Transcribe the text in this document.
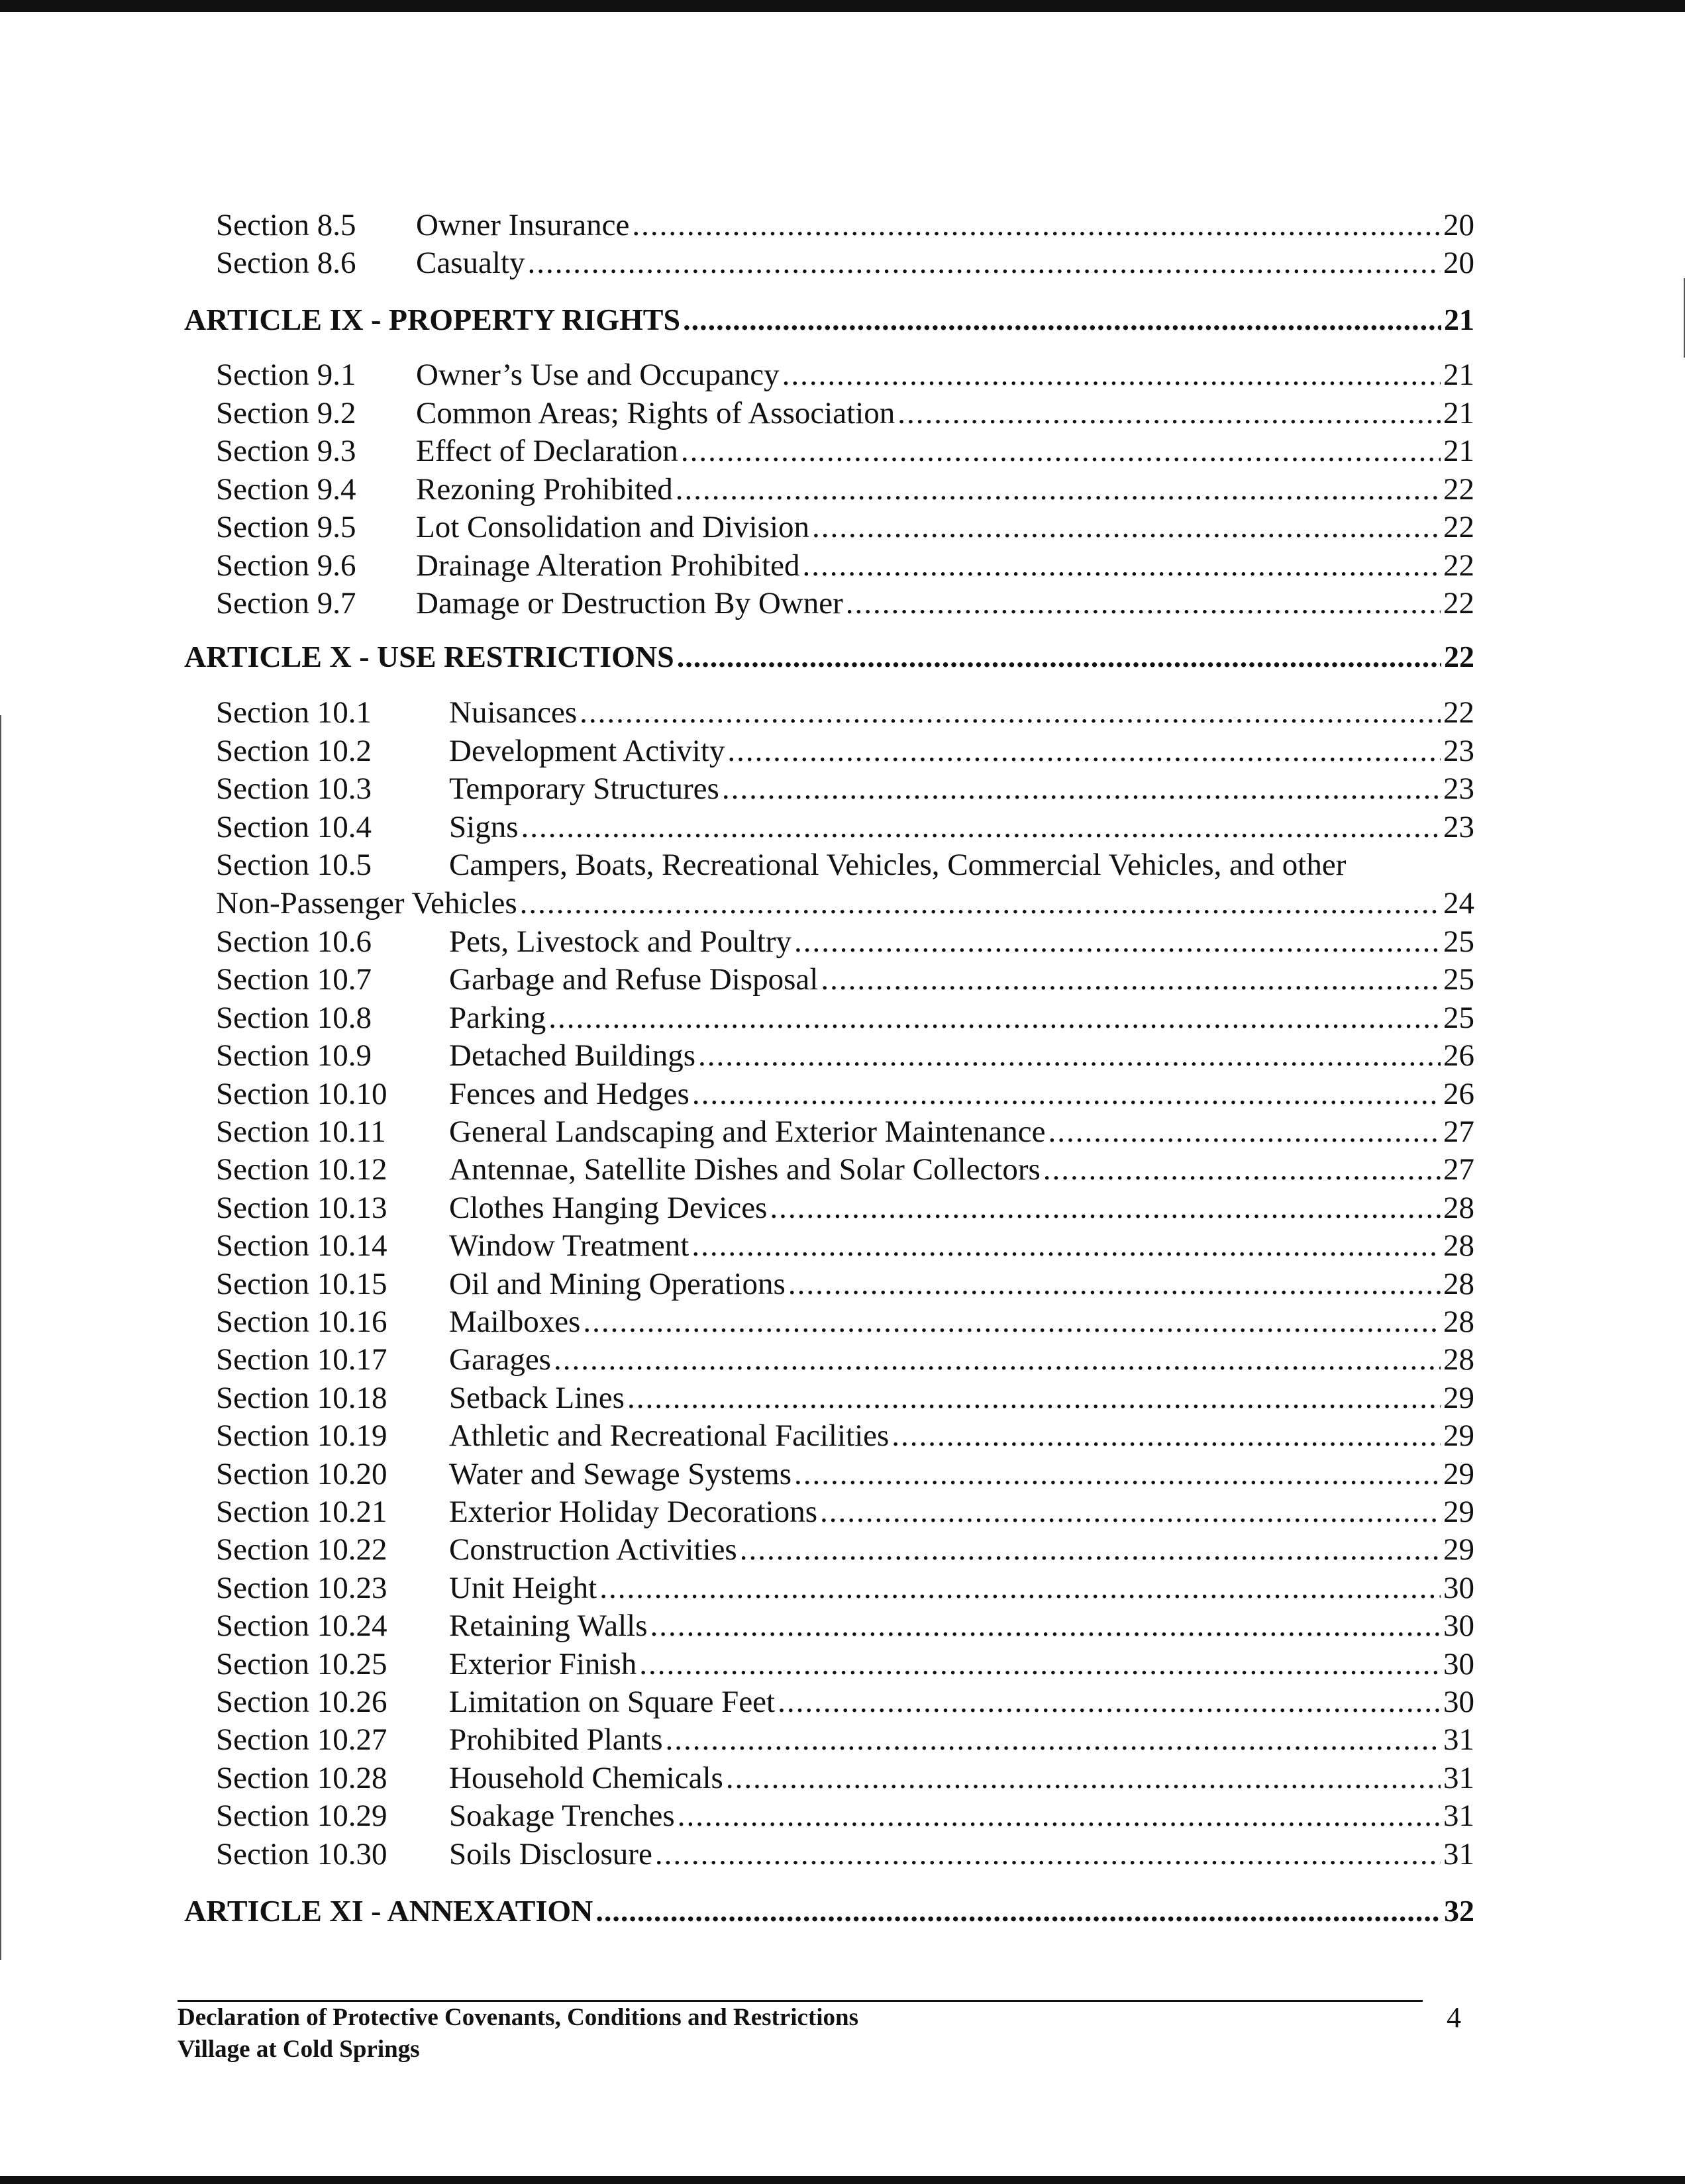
Section 8.5	Owner Insurance .....	20
Section 8.6	Casualty .....	20
ARTICLE IX - PROPERTY RIGHTS .....	21
Section 9.1	Owner’s Use and Occupancy .....	21
Section 9.2	Common Areas; Rights of Association .....	21
Section 9.3	Effect of Declaration .....	21
Section 9.4	Rezoning Prohibited .....	22
Section 9.5	Lot Consolidation and Division .....	22
Section 9.6	Drainage Alteration Prohibited .....	22
Section 9.7	Damage or Destruction By Owner .....	22
ARTICLE X - USE RESTRICTIONS .....	22
Section 10.1	Nuisances .....	22
Section 10.2	Development Activity .....	23
Section 10.3	Temporary Structures .....	23
Section 10.4	Signs .....	23
Section 10.5 Campers, Boats, Recreational Vehicles, Commercial Vehicles, and other
Non-Passenger Vehicles .....	24
Section 10.6	Pets, Livestock and Poultry .....	25
Section 10.7	Garbage and Refuse Disposal .....	25
Section 10.8	Parking .....	25
Section 10.9	Detached Buildings .....	26
Section 10.10	Fences and Hedges .....	26
Section 10.11	General Landscaping and Exterior Maintenance .....	27
Section 10.12	Antennae, Satellite Dishes and Solar Collectors .....	27
Section 10.13	Clothes Hanging Devices .....	28
Section 10.14	Window Treatment .....	28
Section 10.15	Oil and Mining Operations .....	28
Section 10.16	Mailboxes .....	28
Section 10.17	Garages .....	28
Section 10.18	Setback Lines .....	29
Section 10.19	Athletic and Recreational Facilities .....	29
Section 10.20	Water and Sewage Systems .....	29
Section 10.21	Exterior Holiday Decorations .....	29
Section 10.22	Construction Activities .....	29
Section 10.23	Unit Height .....	30
Section 10.24	Retaining Walls .....	30
Section 10.25	Exterior Finish .....	30
Section 10.26	Limitation on Square Feet .....	30
Section 10.27	Prohibited Plants .....	31
Section 10.28	Household Chemicals .....	31
Section 10.29	Soakage Trenches .....	31
Section 10.30	Soils Disclosure .....	31
ARTICLE XI - ANNEXATION .....	32
Declaration of Protective Covenants, Conditions and Restrictions
Village at Cold Springs
4
